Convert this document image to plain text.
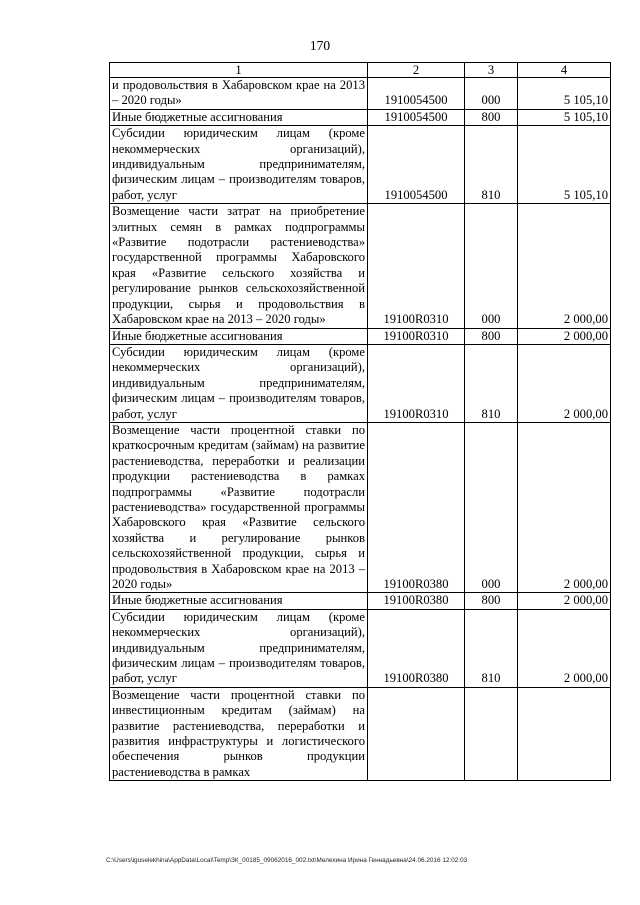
170
1	2	3	4
и продовольствия в Хабаровском крае на 2013 – 2020 годы»	1910054500	000	5 105,10
Иные бюджетные ассигнования	1910054500	800	5 105,10
Субсидии юридическим лицам (кроме некоммерческих организаций), индивидуальным предпринимателям, физическим лицам – производителям товаров, работ, услуг	1910054500	810	5 105,10
Возмещение части затрат на приобретение элитных семян в рамках подпрограммы «Развитие подотрасли растениеводства» государственной программы Хабаровского края «Развитие сельского хозяйства и регулирование рынков сельскохозяйственной продукции, сырья и продовольствия в Хабаровском крае на 2013 – 2020 годы»	19100R0310	000	2 000,00
Иные бюджетные ассигнования	19100R0310	800	2 000,00
Субсидии юридическим лицам (кроме некоммерческих организаций), индивидуальным предпринимателям, физическим лицам – производителям товаров, работ, услуг	19100R0310	810	2 000,00
Возмещение части процентной ставки по краткосрочным кредитам (займам) на развитие растениеводства, переработки и реализации продукции растениеводства в рамках подпрограммы «Развитие подотрасли растениеводства» государственной программы Хабаровского края «Развитие сельского хозяйства и регулирование рынков сельскохозяйственной продукции, сырья и продовольствия в Хабаровском крае на 2013 – 2020 годы»	19100R0380	000	2 000,00
Иные бюджетные ассигнования	19100R0380	800	2 000,00
Субсидии юридическим лицам (кроме некоммерческих организаций), индивидуальным предпринимателям, физическим лицам – производителям товаров, работ, услуг	19100R0380	810	2 000,00
Возмещение части процентной ставки по инвестиционным кредитам (займам) на развитие растениеводства, переработки и развития инфраструктуры и логистического обеспечения рынков продукции растениеводства в рамках			
C:\Users\iguselekhina\AppData\Local\Temp\ЗК_00185_09062016_002.txt\Мелехина Ирина Геннадьевна\24.06.2016 12:02:03
